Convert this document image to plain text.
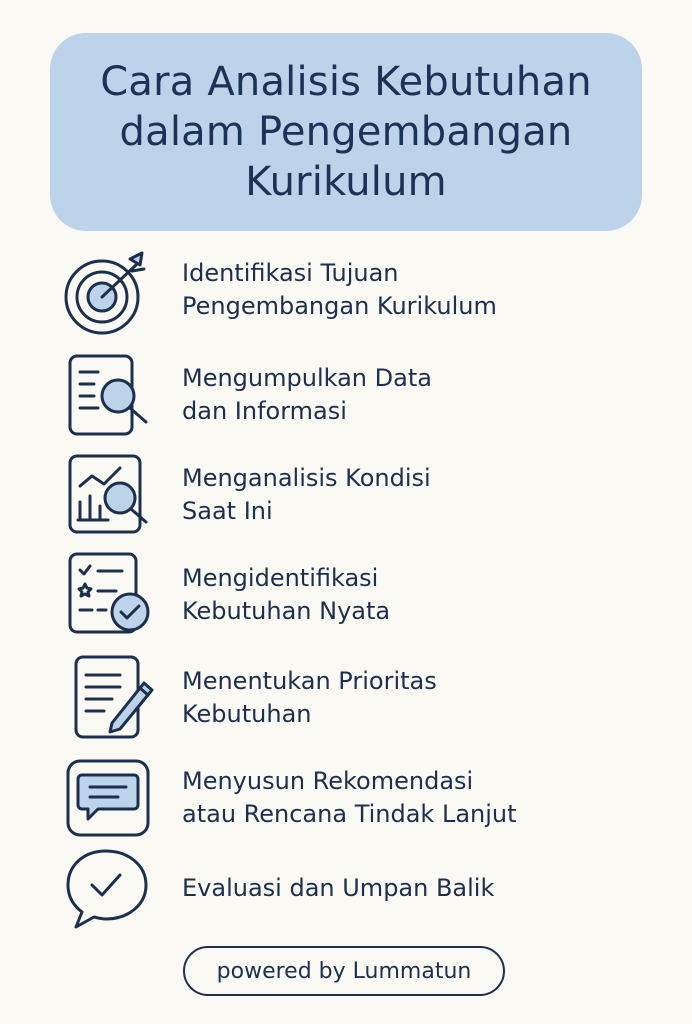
Cara Analisis Kebutuhan dalam Pengembangan Kurikulum
Identifikasi Tujuan
Pengembangan Kurikulum
Mengumpulkan Data
dan Informasi
Menganalisis Kondisi
Saat Ini
Mengidentifikasi
Kebutuhan Nyata
Menentukan Prioritas
Kebutuhan
Menyusun Rekomendasi
atau Rencana Tindak Lanjut
Evaluasi dan Umpan Balik
powered by Lummatun
